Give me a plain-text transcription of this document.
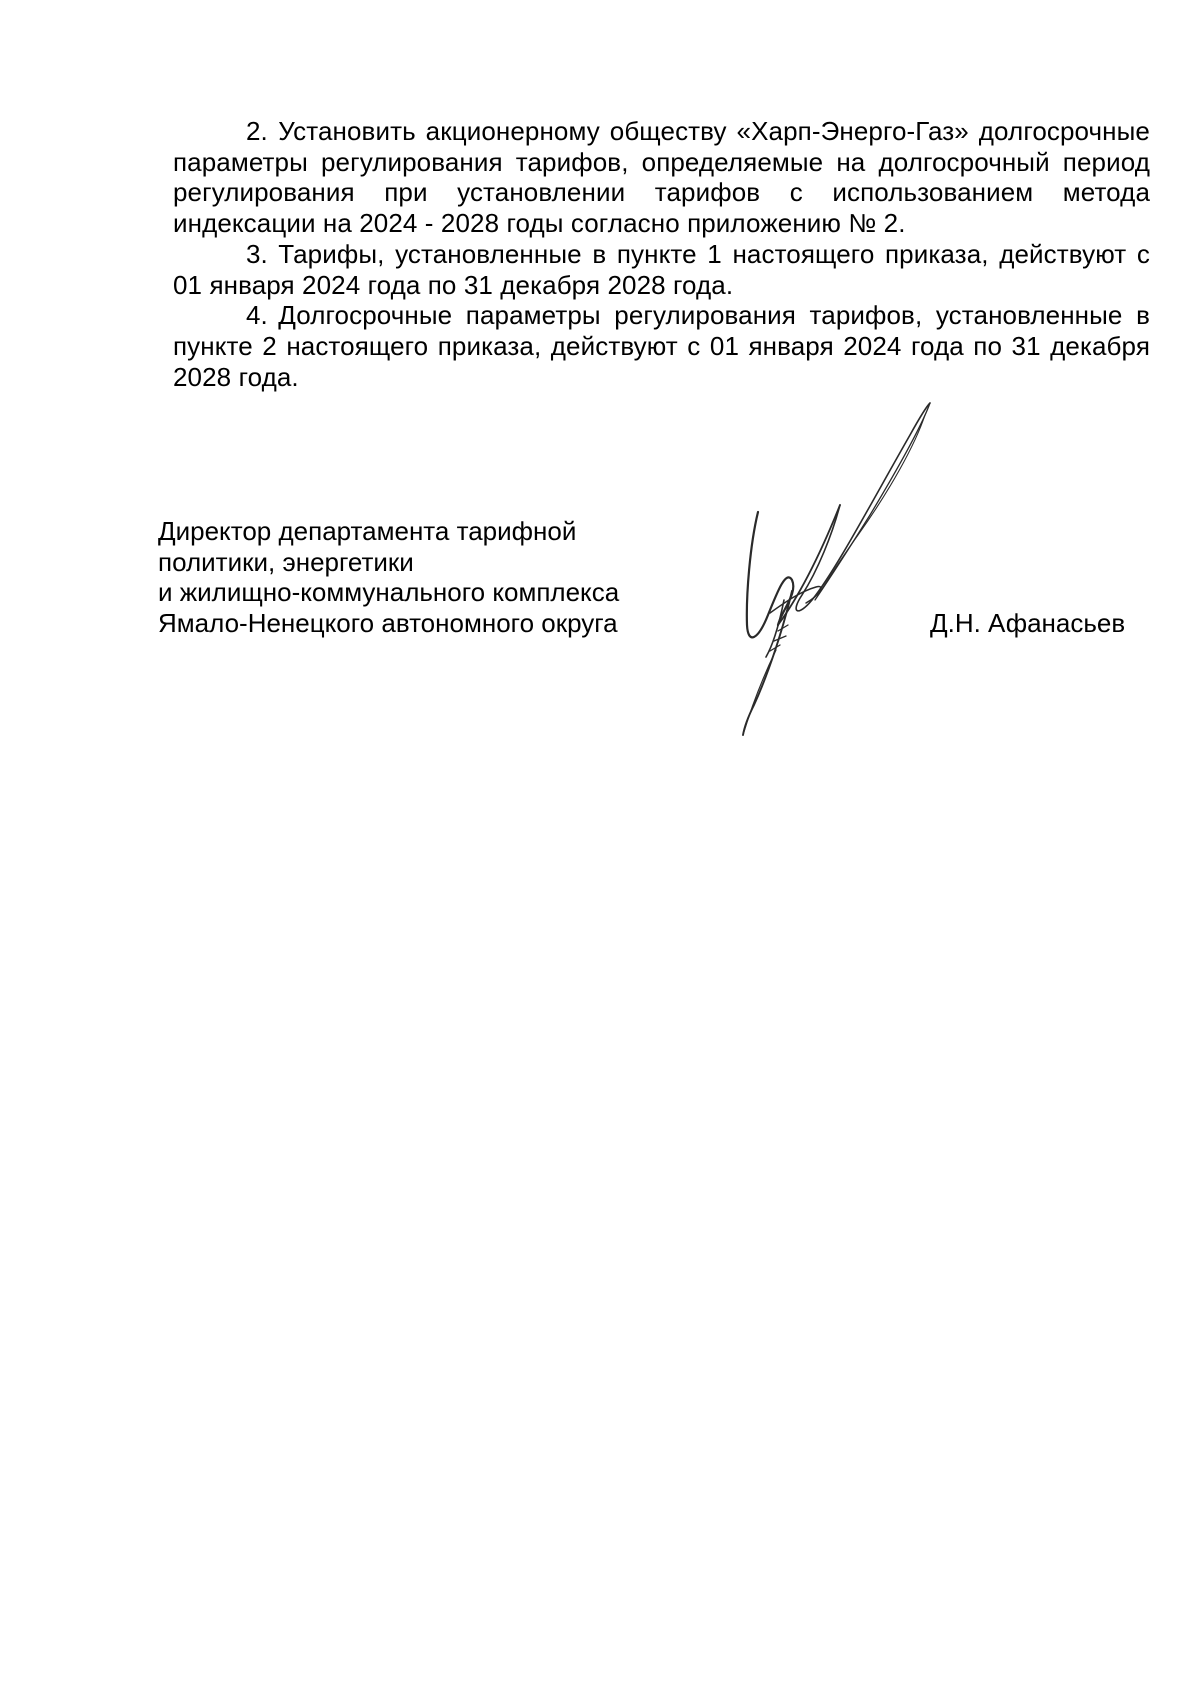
2. Установить акционерному обществу «Харп-Энерго-Газ» долгосрочные параметры регулирования тарифов, определяемые на долгосрочный период регулирования при установлении тарифов с использованием метода индексации на 2024 - 2028 годы согласно приложению № 2.

3. Тарифы, установленные в пункте 1 настоящего приказа, действуют с 01 января 2024 года по 31 декабря 2028 года.

4. Долгосрочные параметры регулирования тарифов, установленные в пункте 2 настоящего приказа, действуют с 01 января 2024 года по 31 декабря 2028 года.

Директор департамента тарифной
политики, энергетики
и жилищно-коммунального комплекса
Ямало-Ненецкого автономного округа	Д.Н. Афанасьев
